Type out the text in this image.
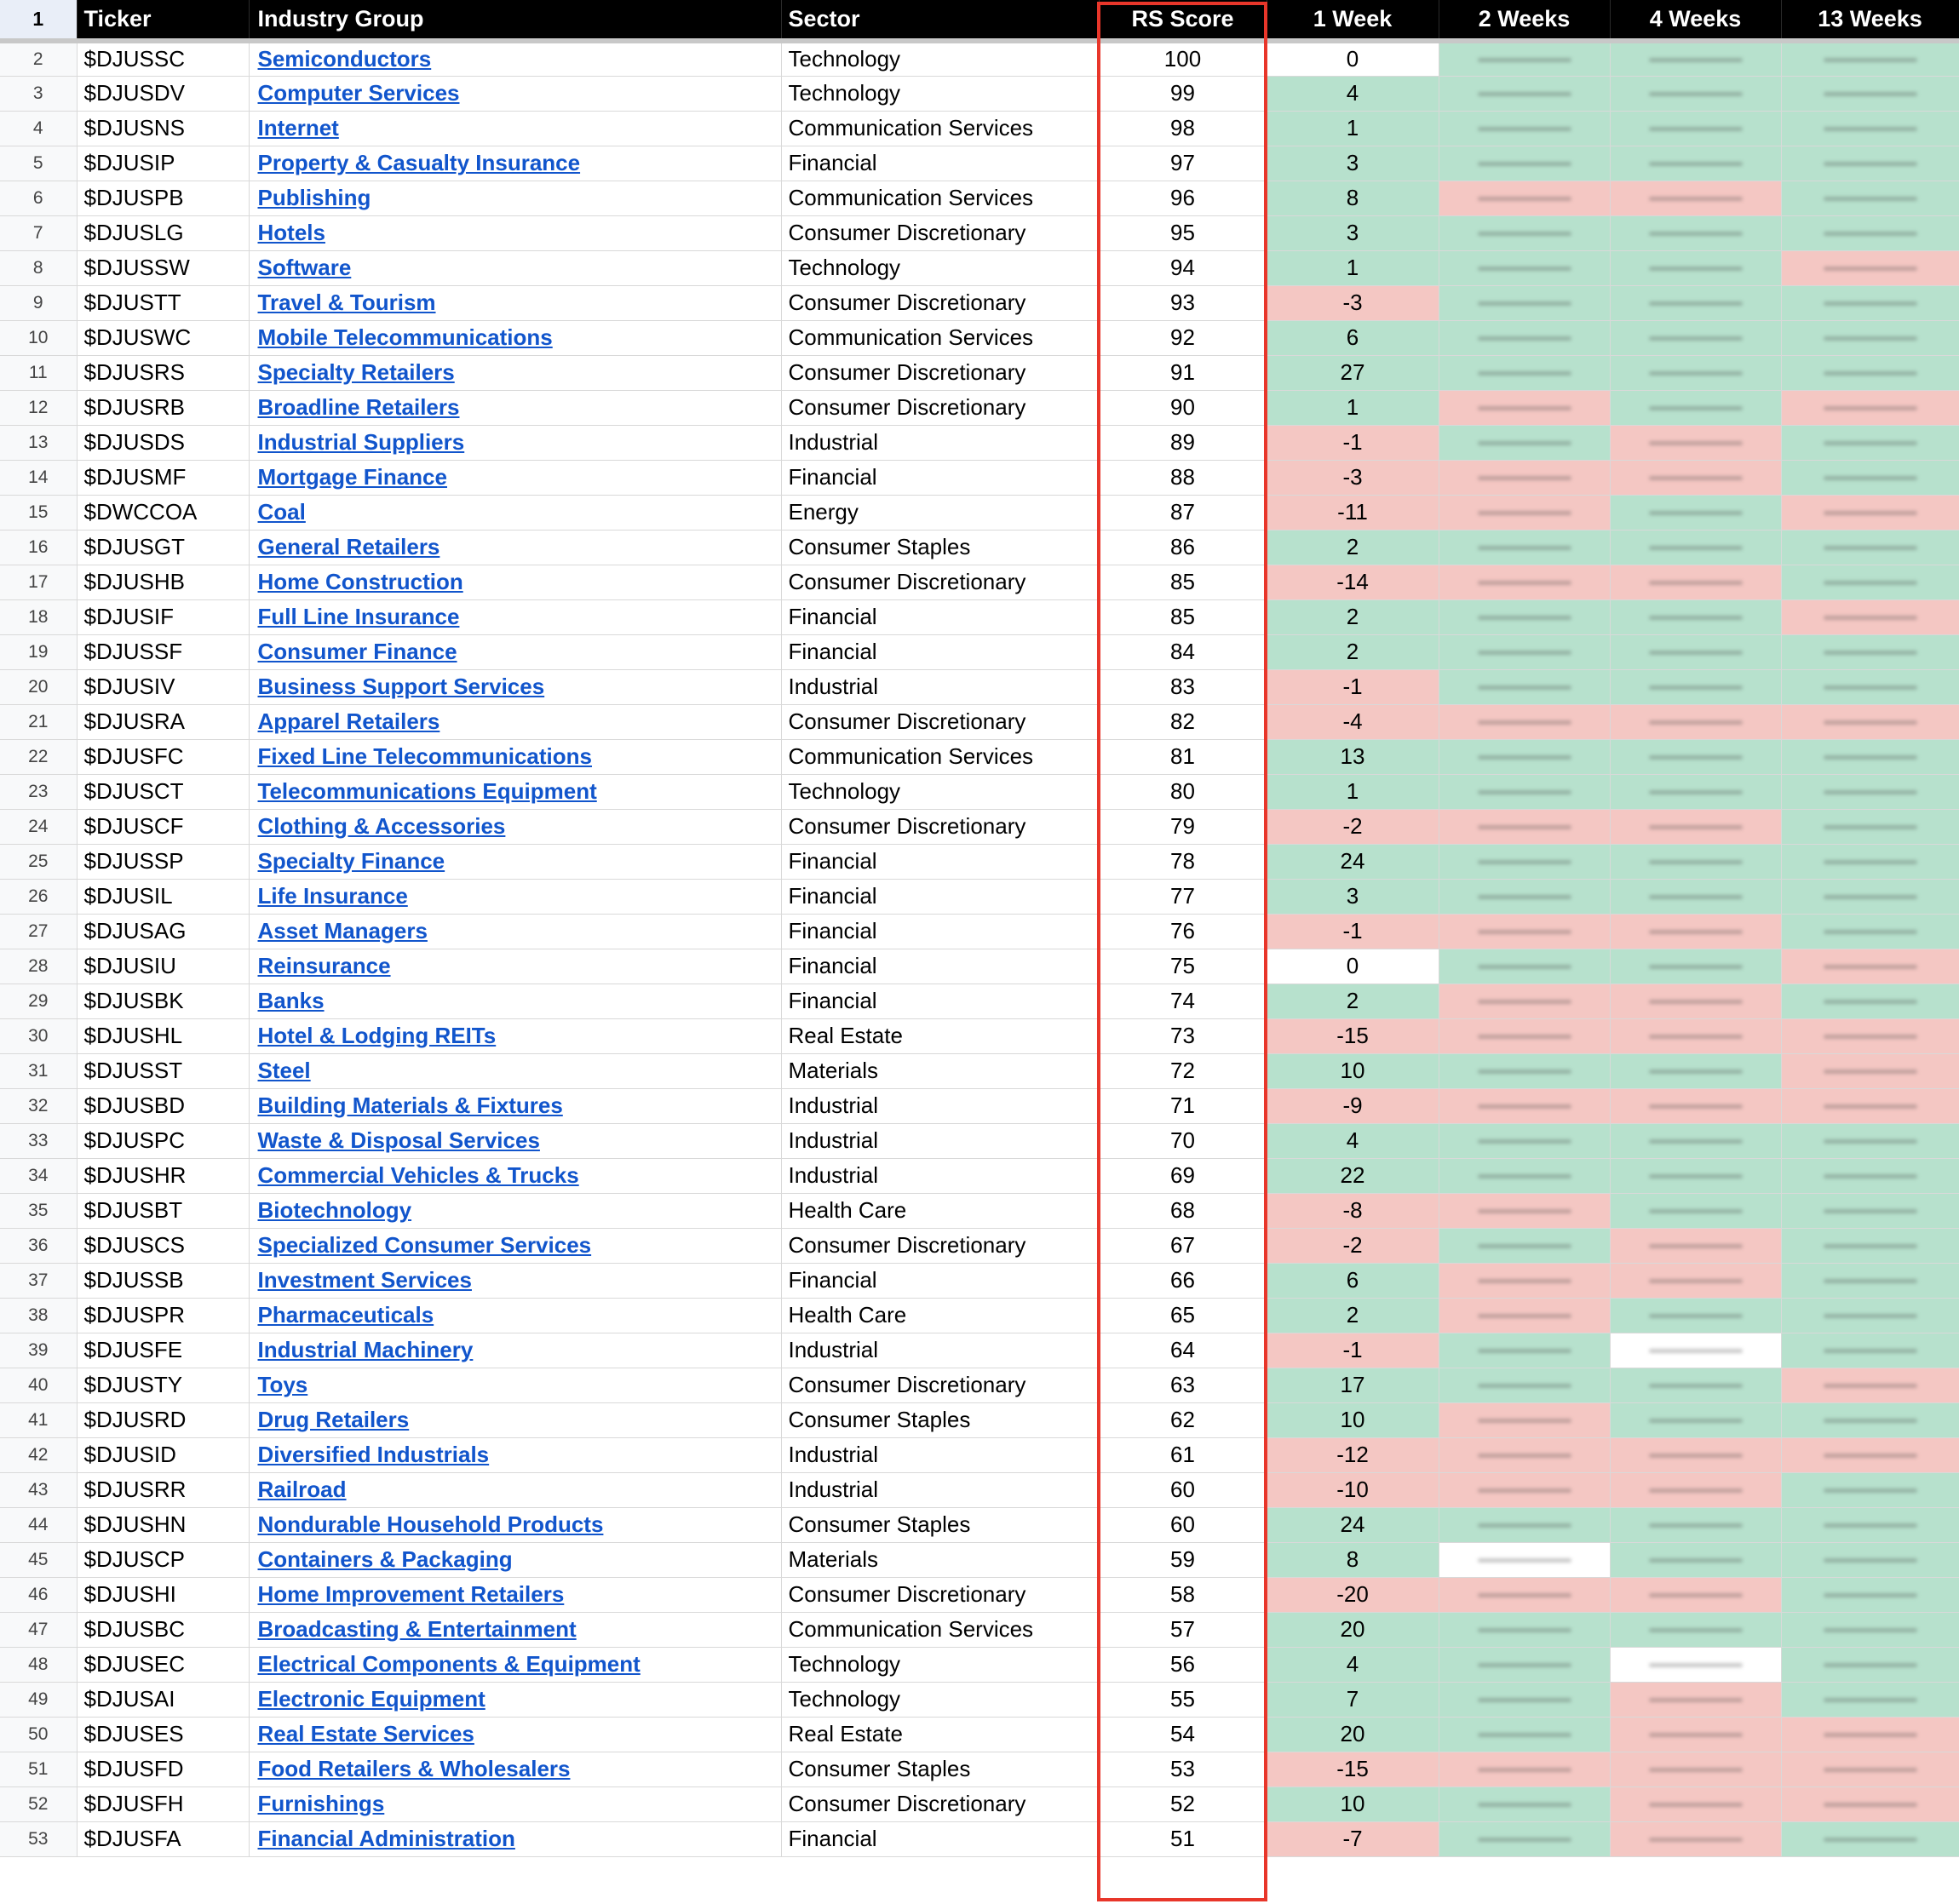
1	Ticker	Industry Group	Sector	RS Score	1 Week	2 Weeks	4 Weeks	13 Weeks
2	$DJUSSC	Semiconductors	Technology	100	0	

3	$DJUSDV	Computer Services	Technology	99	4	

4	$DJUSNS	Internet	Communication Services	98	1	

5	$DJUSIP	Property & Casualty Insurance	Financial	97	3	

6	$DJUSPB	Publishing	Communication Services	96	8	

7	$DJUSLG	Hotels	Consumer Discretionary	95	3	

8	$DJUSSW	Software	Technology	94	1	

9	$DJUSTT	Travel & Tourism	Consumer Discretionary	93	-3	

10	$DJUSWC	Mobile Telecommunications	Communication Services	92	6	

11	$DJUSRS	Specialty Retailers	Consumer Discretionary	91	27	

12	$DJUSRB	Broadline Retailers	Consumer Discretionary	90	1	

13	$DJUSDS	Industrial Suppliers	Industrial	89	-1	

14	$DJUSMF	Mortgage Finance	Financial	88	-3	

15	$DWCCOA	Coal	Energy	87	-11	

16	$DJUSGT	General Retailers	Consumer Staples	86	2	

17	$DJUSHB	Home Construction	Consumer Discretionary	85	-14	

18	$DJUSIF	Full Line Insurance	Financial	85	2	

19	$DJUSSF	Consumer Finance	Financial	84	2	

20	$DJUSIV	Business Support Services	Industrial	83	-1	

21	$DJUSRA	Apparel Retailers	Consumer Discretionary	82	-4	

22	$DJUSFC	Fixed Line Telecommunications	Communication Services	81	13	

23	$DJUSCT	Telecommunications Equipment	Technology	80	1	

24	$DJUSCF	Clothing & Accessories	Consumer Discretionary	79	-2	

25	$DJUSSP	Specialty Finance	Financial	78	24	

26	$DJUSIL	Life Insurance	Financial	77	3	

27	$DJUSAG	Asset Managers	Financial	76	-1	

28	$DJUSIU	Reinsurance	Financial	75	0	

29	$DJUSBK	Banks	Financial	74	2	

30	$DJUSHL	Hotel & Lodging REITs	Real Estate	73	-15	

31	$DJUSST	Steel	Materials	72	10	

32	$DJUSBD	Building Materials & Fixtures	Industrial	71	-9	

33	$DJUSPC	Waste & Disposal Services	Industrial	70	4	

34	$DJUSHR	Commercial Vehicles & Trucks	Industrial	69	22	

35	$DJUSBT	Biotechnology	Health Care	68	-8	

36	$DJUSCS	Specialized Consumer Services	Consumer Discretionary	67	-2	

37	$DJUSSB	Investment Services	Financial	66	6	

38	$DJUSPR	Pharmaceuticals	Health Care	65	2	

39	$DJUSFE	Industrial Machinery	Industrial	64	-1	

40	$DJUSTY	Toys	Consumer Discretionary	63	17	

41	$DJUSRD	Drug Retailers	Consumer Staples	62	10	

42	$DJUSID	Diversified Industrials	Industrial	61	-12	

43	$DJUSRR	Railroad	Industrial	60	-10	

44	$DJUSHN	Nondurable Household Products	Consumer Staples	60	24	

45	$DJUSCP	Containers & Packaging	Materials	59	8	

46	$DJUSHI	Home Improvement Retailers	Consumer Discretionary	58	-20	

47	$DJUSBC	Broadcasting & Entertainment	Communication Services	57	20	

48	$DJUSEC	Electrical Components & Equipment	Technology	56	4	

49	$DJUSAI	Electronic Equipment	Technology	55	7	

50	$DJUSES	Real Estate Services	Real Estate	54	20	

51	$DJUSFD	Food Retailers & Wholesalers	Consumer Staples	53	-15	

52	$DJUSFH	Furnishings	Consumer Discretionary	52	10	

53	$DJUSFA	Financial Administration	Financial	51	-7	
